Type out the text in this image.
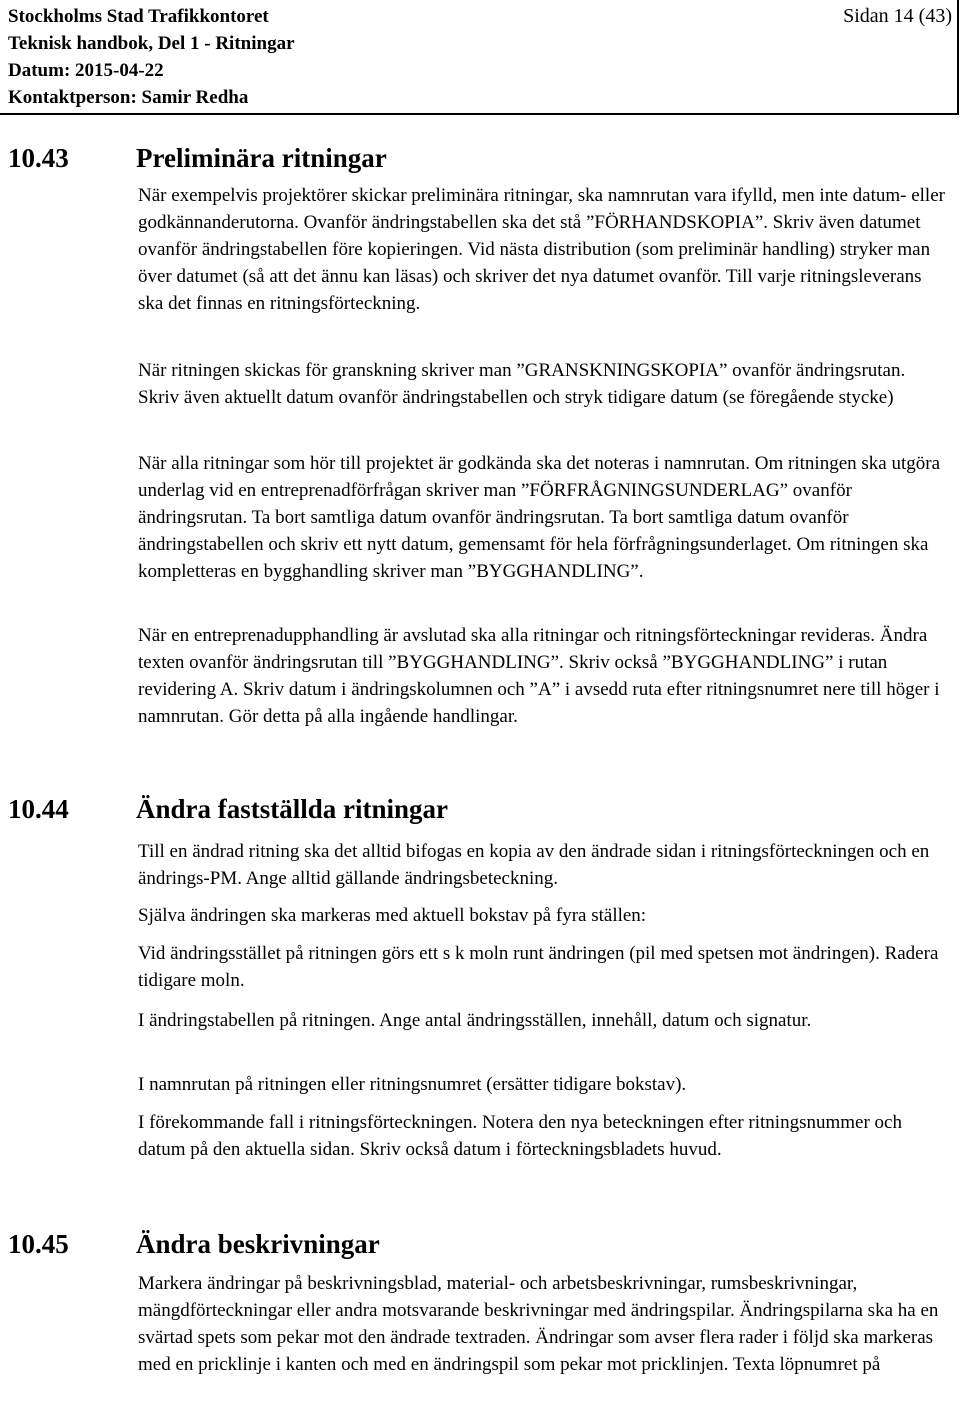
Stockholms Stad Trafikkontoret
Teknisk handbok, Del 1 - Ritningar
Datum: 2015-04-22
Kontaktperson: Samir Redha
Sidan 14 (43)
10.43 Preliminära ritningar

När exempelvis projektörer skickar preliminära ritningar, ska namnrutan vara ifylld, men inte datum- eller godkännanderutorna. Ovanför ändringstabellen ska det stå ”FÖRHANDSKOPIA”. Skriv även datumet ovanför ändringstabellen före kopieringen. Vid nästa distribution (som preliminär handling) stryker man över datumet (så att det ännu kan läsas) och skriver det nya datumet ovanför. Till varje ritningsleverans ska det finnas en ritningsförteckning.

När ritningen skickas för granskning skriver man ”GRANSKNINGSKOPIA” ovanför ändringsrutan. Skriv även aktuellt datum ovanför ändringstabellen och stryk tidigare datum (se föregående stycke)

När alla ritningar som hör till projektet är godkända ska det noteras i namnrutan. Om ritningen ska utgöra underlag vid en entreprenadförfrågan skriver man ”FÖRFRÅGNINGSUNDERLAG” ovanför ändringsrutan. Ta bort samtliga datum ovanför ändringsrutan. Ta bort samtliga datum ovanför ändringstabellen och skriv ett nytt datum, gemensamt för hela förfrågningsunderlaget. Om ritningen ska kompletteras en bygghandling skriver man ”BYGGHANDLING”.

När en entreprenadupphandling är avslutad ska alla ritningar och ritningsförteckningar revideras. Ändra texten ovanför ändringsrutan till ”BYGGHANDLING”. Skriv också ”BYGGHANDLING” i rutan revidering A. Skriv datum i ändringskolumnen och ”A” i avsedd ruta efter ritningsnumret nere till höger i namnrutan. Gör detta på alla ingående handlingar.

10.44 Ändra fastställda ritningar

Till en ändrad ritning ska det alltid bifogas en kopia av den ändrade sidan i ritningsförteckningen och en ändrings-PM. Ange alltid gällande ändringsbeteckning.

Själva ändringen ska markeras med aktuell bokstav på fyra ställen:

Vid ändringsstället på ritningen görs ett s k moln runt ändringen (pil med spetsen mot ändringen). Radera tidigare moln.

I ändringstabellen på ritningen. Ange antal ändringsställen, innehåll, datum och signatur.

I namnrutan på ritningen eller ritningsnumret (ersätter tidigare bokstav).

I förekommande fall i ritningsförteckningen. Notera den nya beteckningen efter ritningsnummer och datum på den aktuella sidan. Skriv också datum i förteckningsbladets huvud.

10.45 Ändra beskrivningar

Markera ändringar på beskrivningsblad, material- och arbetsbeskrivningar, rumsbeskrivningar, mängdförteckningar eller andra motsvarande beskrivningar med ändringspilar. Ändringspilarna ska ha en svärtad spets som pekar mot den ändrade textraden. Ändringar som avser flera rader i följd ska markeras med en pricklinje i kanten och med en ändringspil som pekar mot pricklinjen. Texta löpnumret på
